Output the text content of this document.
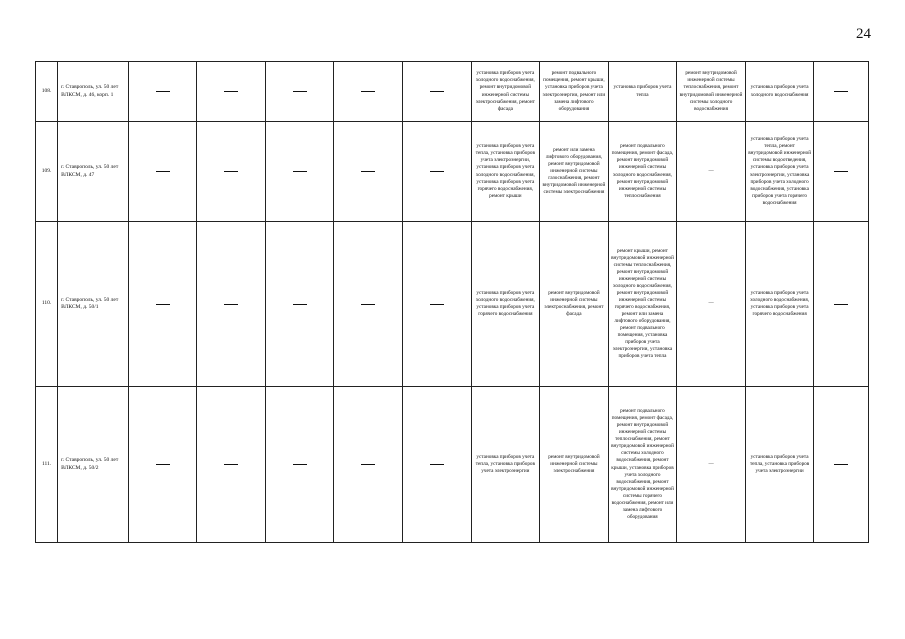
24
108.	г. Ставрополь, ул. 50 лет ВЛКСМ, д. 46, корп. 1						установка приборов учета холодного водоснабжения, ремонт внутридомовой инженерной системы электроснабжения, ремонт фасада	ремонт подвального помещения, ремонт крыши, установка приборов учета электроэнергии, ремонт или замена лифтового оборудования	установка приборов учета тепла	ремонт внутридомовой инженерной системы теплоснабжения, ремонт внутридомовой инженерной системы холодного водоснабжения	установка приборов учета холодного водоснабжения	

109.	г. Ставрополь, ул. 50 лет ВЛКСМ, д. 47						установка приборов учета тепла, установка приборов учета электроэнергии, установка приборов учета холодного водоснабжения, установка приборов учета горячего водоснабжения, ремонт крыши	ремонт или замена лифтового оборудования, ремонт внутридомовой инженерной системы газоснабжения, ремонт внутридомовой инженерной системы электроснабжения	ремонт подвального помещения, ремонт фасада, ремонт внутридомовой инженерной системы холодного водоснабжения, ремонт внутридомовой инженерной системы теплоснабжения	—	установка приборов учета тепла, ремонт внутридомовой инженерной системы водоотведения, установка приборов учета электроэнергии, установка приборов учета холодного водоснабжения, установка приборов учета горячего водоснабжения	

110.	г. Ставрополь, ул. 50 лет ВЛКСМ, д. 50/1						установка приборов учета холодного водоснабжения, установка приборов учета горячего водоснабжения	ремонт внутридомовой инженерной системы электроснабжения, ремонт фасада	ремонт крыши, ремонт внутридомовой инженерной системы теплоснабжения, ремонт внутридомовой инженерной системы холодного водоснабжения, ремонт внутридомовой инженерной системы горячего водоснабжения, ремонт или замена лифтового оборудования, ремонт подвального помещения, установка приборов учета электроэнергии, установка приборов учета тепла	—	установка приборов учета холодного водоснабжения, установка приборов учета горячего водоснабжения	

111.	г. Ставрополь, ул. 50 лет ВЛКСМ, д. 50/2						установка приборов учета тепла, установка приборов учета электроэнергии	ремонт внутридомовой инженерной системы электроснабжения	ремонт подвального помещения, ремонт фасада, ремонт внутридомовой инженерной системы теплоснабжения, ремонт внутридомовой инженерной системы холодного водоснабжения, ремонт крыши, установка приборов учета холодного водоснабжения, ремонт внутридомовой инженерной системы горячего водоснабжения, ремонт или замена лифтового оборудования	—	установка приборов учета тепла, установка приборов учета электроэнергии	
